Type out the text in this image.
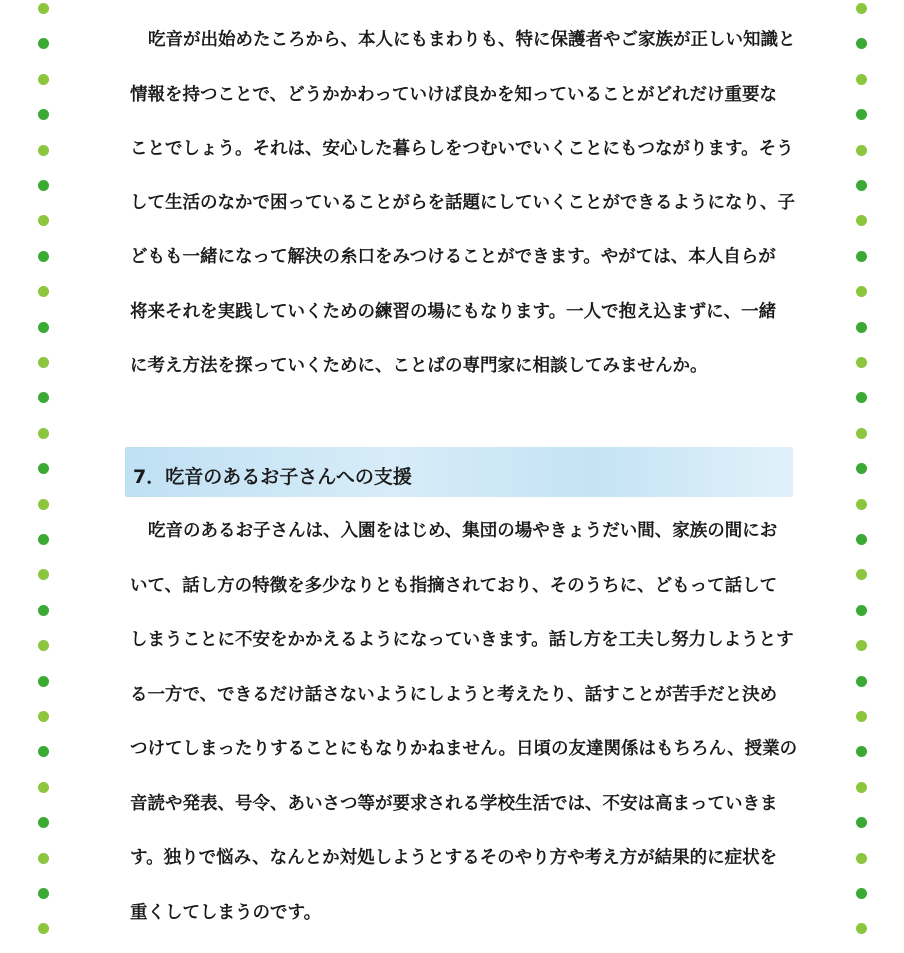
吃音が出始めたころから、本人にもまわりも、特に保護者やご家族が正しい知識と
情報を持つことで、どうかかわっていけば良かを知っていることがどれだけ重要な
ことでしょう。それは、安心した暮らしをつむいでいくことにもつながります。そう
して生活のなかで困っていることがらを話題にしていくことができるようになり、子
どもも一緒になって解決の糸口をみつけることができます。やがては、本人自らが
将来それを実践していくための練習の場にもなります。一人で抱え込まずに、一緒
に考え方法を探っていくために、ことばの専門家に相談してみませんか。
7．吃音のあるお子さんへの支援
吃音のあるお子さんは、入園をはじめ、集団の場やきょうだい間、家族の間にお
いて、話し方の特徴を多少なりとも指摘されており、そのうちに、どもって話して
しまうことに不安をかかえるようになっていきます。話し方を工夫し努力しようとす
る一方で、できるだけ話さないようにしようと考えたり、話すことが苦手だと決め
つけてしまったりすることにもなりかねません。日頃の友達関係はもちろん、授業の
音読や発表、号令、あいさつ等が要求される学校生活では、不安は高まっていきま
す。独りで悩み、なんとか対処しようとするそのやり方や考え方が結果的に症状を
重くしてしまうのです。
